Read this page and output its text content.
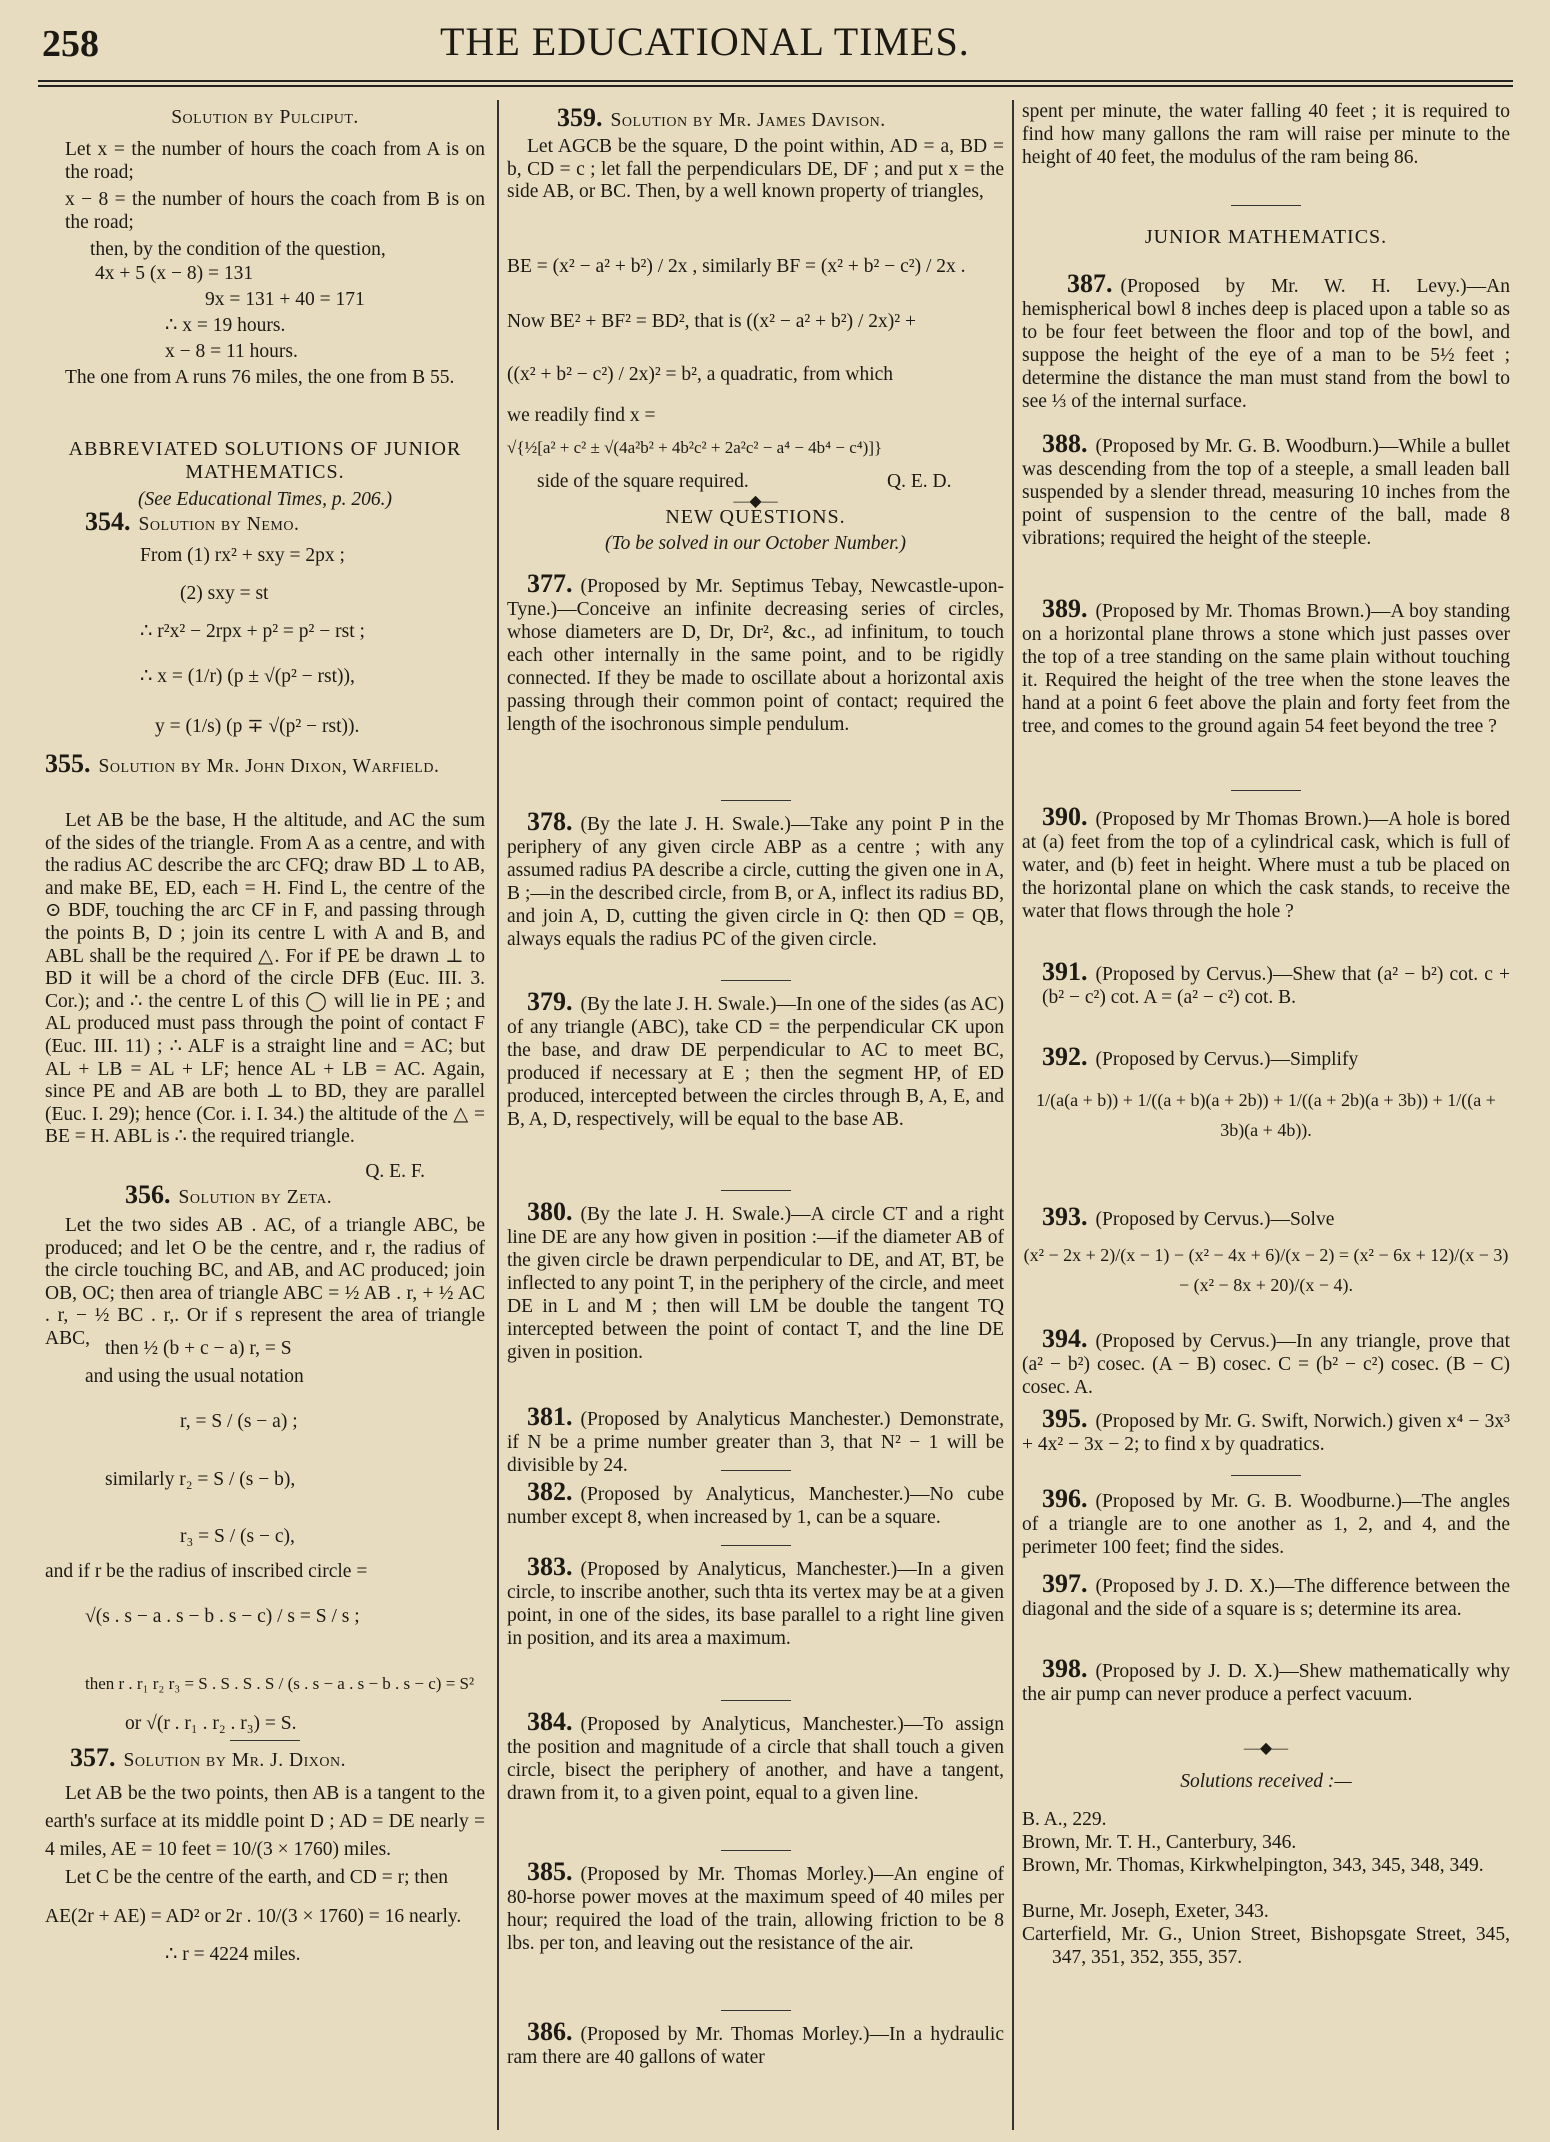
258	THE EDUCATIONAL TIMES.
Solution by Pulciput.
Let x = the number of hours the coach from A is on the road;
x − 8 = the number of hours the coach from B is on the road;
then, by the condition of the question,
4x + 5 (x − 8) = 131
9x = 131 + 40 = 171
∴ x = 19 hours.
x − 8 = 11 hours.
The one from A runs 76 miles, the one from B 55.
ABBREVIATED SOLUTIONS OF JUNIOR MATHEMATICS.
(See Educational Times, p. 206.)
354. Solution by Nemo.
From (1) rx² + sxy = 2px ;
(2) sxy = st
∴ r²x² − 2rpx + p² = p² − rst ;
∴ x = (1/r) (p ± √(p² − rst)),
y = (1/s) (p ∓ √(p² − rst)).
355. Solution by Mr. John Dixon, Warfield.
Let AB be the base, H the altitude, and AC the sum of the sides of the triangle. From A as a centre, and with the radius AC describe the arc CFQ; draw BD ⊥ to AB, and make BE, ED, each = H. Find L, the centre of the ⊙ BDF, touching the arc CF in F, and passing through the points B, D ; join its centre L with A and B, and ABL shall be the required △. For if PE be drawn ⊥ to BD it will be a chord of the circle DFB (Euc. III. 3. Cor.); and ∴ the centre L of this ◯ will lie in PE ; and AL produced must pass through the point of contact F (Euc. III. 11) ; ∴ ALF is a straight line and = AC; but AL + LB = AL + LF; hence AL + LB = AC. Again, since PE and AB are both ⊥ to BD, they are parallel (Euc. I. 29); hence (Cor. i. I. 34.) the altitude of the △ = BE = H. ABL is ∴ the required triangle.
Q. E. F.
356. Solution by Zeta.
Let the two sides AB . AC, of a triangle ABC, be produced; and let O be the centre, and r, the radius of the circle touching BC, and AB, and AC produced; join OB, OC; then area of triangle ABC = ½ AB . r, + ½ AC . r, − ½ BC . r,. Or if s represent the area of triangle ABC, then ½ (b + c − a) r, = S
and using the usual notation
r, = S / (s − a) ;
similarly r₂ = S / (s − b),
r₃ = S / (s − c),
and if r be the radius of inscribed circle =
√(s . s − a . s − b . s − c) / s = S / s ;
then r . r₁ r₂ r₃ = S . S . S . S / (s . s − a . s − b . s − c) = S²
or √(r . r₁ . r₂ . r₃) = S.
357. Solution by Mr. J. Dixon.
Let AB be the two points, then AB is a tangent to the earth's surface at its middle point D ; AD = DE nearly = 4 miles, AE = 10 feet = 10/(3 × 1760) miles.
Let C be the centre of the earth, and CD = r; then
AE(2r + AE) = AD² or 2r . 10/(3 × 1760) = 16 nearly.
∴ r = 4224 miles.
359. Solution by Mr. James Davison.
Let AGCB be the square, D the point within, AD = a, BD = b, CD = c ; let fall the perpendiculars DE, DF ; and put x = the side AB, or BC. Then, by a well known property of triangles,
BE = (x² − a² + b²) / 2x , similarly BF = (x² + b² − c²) / 2x .
Now BE² + BF² = BD², that is ((x² − a² + b²) / 2x)² +
((x² + b² − c²) / 2x)² = b², a quadratic, from which
we readily find x =
√{½[a² + c² ± √(4a²b² + 4b²c² + 2a²c² − a⁴ − 4b⁴ − c⁴)]}
side of the square required.	Q. E. D.
—◆—
NEW QUESTIONS.
(To be solved in our October Number.)
377. (Proposed by Mr. Septimus Tebay, Newcastle-upon-Tyne.)—Conceive an infinite decreasing series of circles, whose diameters are D, Dr, Dr², &c., ad infinitum, to touch each other internally in the same point, and to be rigidly connected. If they be made to oscillate about a horizontal axis passing through their common point of contact; required the length of the isochronous simple pendulum.
378. (By the late J. H. Swale.)—Take any point P in the periphery of any given circle ABP as a centre ; with any assumed radius PA describe a circle, cutting the given one in A, B ;—in the described circle, from B, or A, inflect its radius BD, and join A, D, cutting the given circle in Q: then QD = QB, always equals the radius PC of the given circle.
379. (By the late J. H. Swale.)—In one of the sides (as AC) of any triangle (ABC), take CD = the perpendicular CK upon the base, and draw DE perpendicular to AC to meet BC, produced if necessary at E ; then the segment HP, of ED produced, intercepted between the circles through B, A, E, and B, A, D, respectively, will be equal to the base AB.
380. (By the late J. H. Swale.)—A circle CT and a right line DE are any how given in position :—if the diameter AB of the given circle be drawn perpendicular to DE, and AT, BT, be inflected to any point T, in the periphery of the circle, and meet DE in L and M ; then will LM be double the tangent TQ intercepted between the point of contact T, and the line DE given in position.
381. (Proposed by Analyticus Manchester.) Demonstrate, if N be a prime number greater than 3, that N² − 1 will be divisible by 24.
382. (Proposed by Analyticus, Manchester.)—No cube number except 8, when increased by 1, can be a square.
383. (Proposed by Analyticus, Manchester.)—In a given circle, to inscribe another, such thta its vertex may be at a given point, in one of the sides, its base parallel to a right line given in position, and its area a maximum.
384. (Proposed by Analyticus, Manchester.)—To assign the position and magnitude of a circle that shall touch a given circle, bisect the periphery of another, and have a tangent, drawn from it, to a given point, equal to a given line.
385. (Proposed by Mr. Thomas Morley.)—An engine of 80-horse power moves at the maximum speed of 40 miles per hour; required the load of the train, allowing friction to be 8 lbs. per ton, and leaving out the resistance of the air.
386. (Proposed by Mr. Thomas Morley.)—In a hydraulic ram there are 40 gallons of water
spent per minute, the water falling 40 feet ; it is required to find how many gallons the ram will raise per minute to the height of 40 feet, the modulus of the ram being 86.
JUNIOR MATHEMATICS.
387. (Proposed by Mr. W. H. Levy.)—An hemispherical bowl 8 inches deep is placed upon a table so as to be four feet between the floor and top of the bowl, and suppose the height of the eye of a man to be 5½ feet ; determine the distance the man must stand from the bowl to see ⅓ of the internal surface.
388. (Proposed by Mr. G. B. Woodburn.)—While a bullet was descending from the top of a steeple, a small leaden ball suspended by a slender thread, measuring 10 inches from the point of suspension to the centre of the ball, made 8 vibrations; required the height of the steeple.
389. (Proposed by Mr. Thomas Brown.)—A boy standing on a horizontal plane throws a stone which just passes over the top of a tree standing on the same plain without touching it. Required the height of the tree when the stone leaves the hand at a point 6 feet above the plain and forty feet from the tree, and comes to the ground again 54 feet beyond the tree ?
390. (Proposed by Mr Thomas Brown.)—A hole is bored at (a) feet from the top of a cylindrical cask, which is full of water, and (b) feet in height. Where must a tub be placed on the horizontal plane on which the cask stands, to receive the water that flows through the hole ?
391. (Proposed by Cervus.)—Shew that (a² − b²) cot. c + (b² − c²) cot. A = (a² − c²) cot. B.
392. (Proposed by Cervus.)—Simplify
1/(a(a + b)) + 1/((a + b)(a + 2b)) + 1/((a + 2b)(a + 3b)) + 1/((a + 3b)(a + 4b)).
393. (Proposed by Cervus.)—Solve
(x² − 2x + 2)/(x − 1) − (x² − 4x + 6)/(x − 2) = (x² − 6x + 12)/(x − 3) − (x² − 8x + 20)/(x − 4).
394. (Proposed by Cervus.)—In any triangle, prove that (a² − b²) cosec. (A − B) cosec. C = (b² − c²) cosec. (B − C) cosec. A.
395. (Proposed by Mr. G. Swift, Norwich.) given x⁴ − 3x³ + 4x² − 3x − 2; to find x by quadratics.
396. (Proposed by Mr. G. B. Woodburne.)—The angles of a triangle are to one another as 1, 2, and 4, and the perimeter 100 feet; find the sides.
397. (Proposed by J. D. X.)—The difference between the diagonal and the side of a square is s; determine its area.
398. (Proposed by J. D. X.)—Shew mathematically why the air pump can never produce a perfect vacuum.
—◆—
Solutions received :—
B. A., 229.
Brown, Mr. T. H., Canterbury, 346.
Brown, Mr. Thomas, Kirkwhelpington, 343, 345, 348, 349.
Burne, Mr. Joseph, Exeter, 343.
Carterfield, Mr. G., Union Street, Bishopsgate Street, 345, 347, 351, 352, 355, 357.
